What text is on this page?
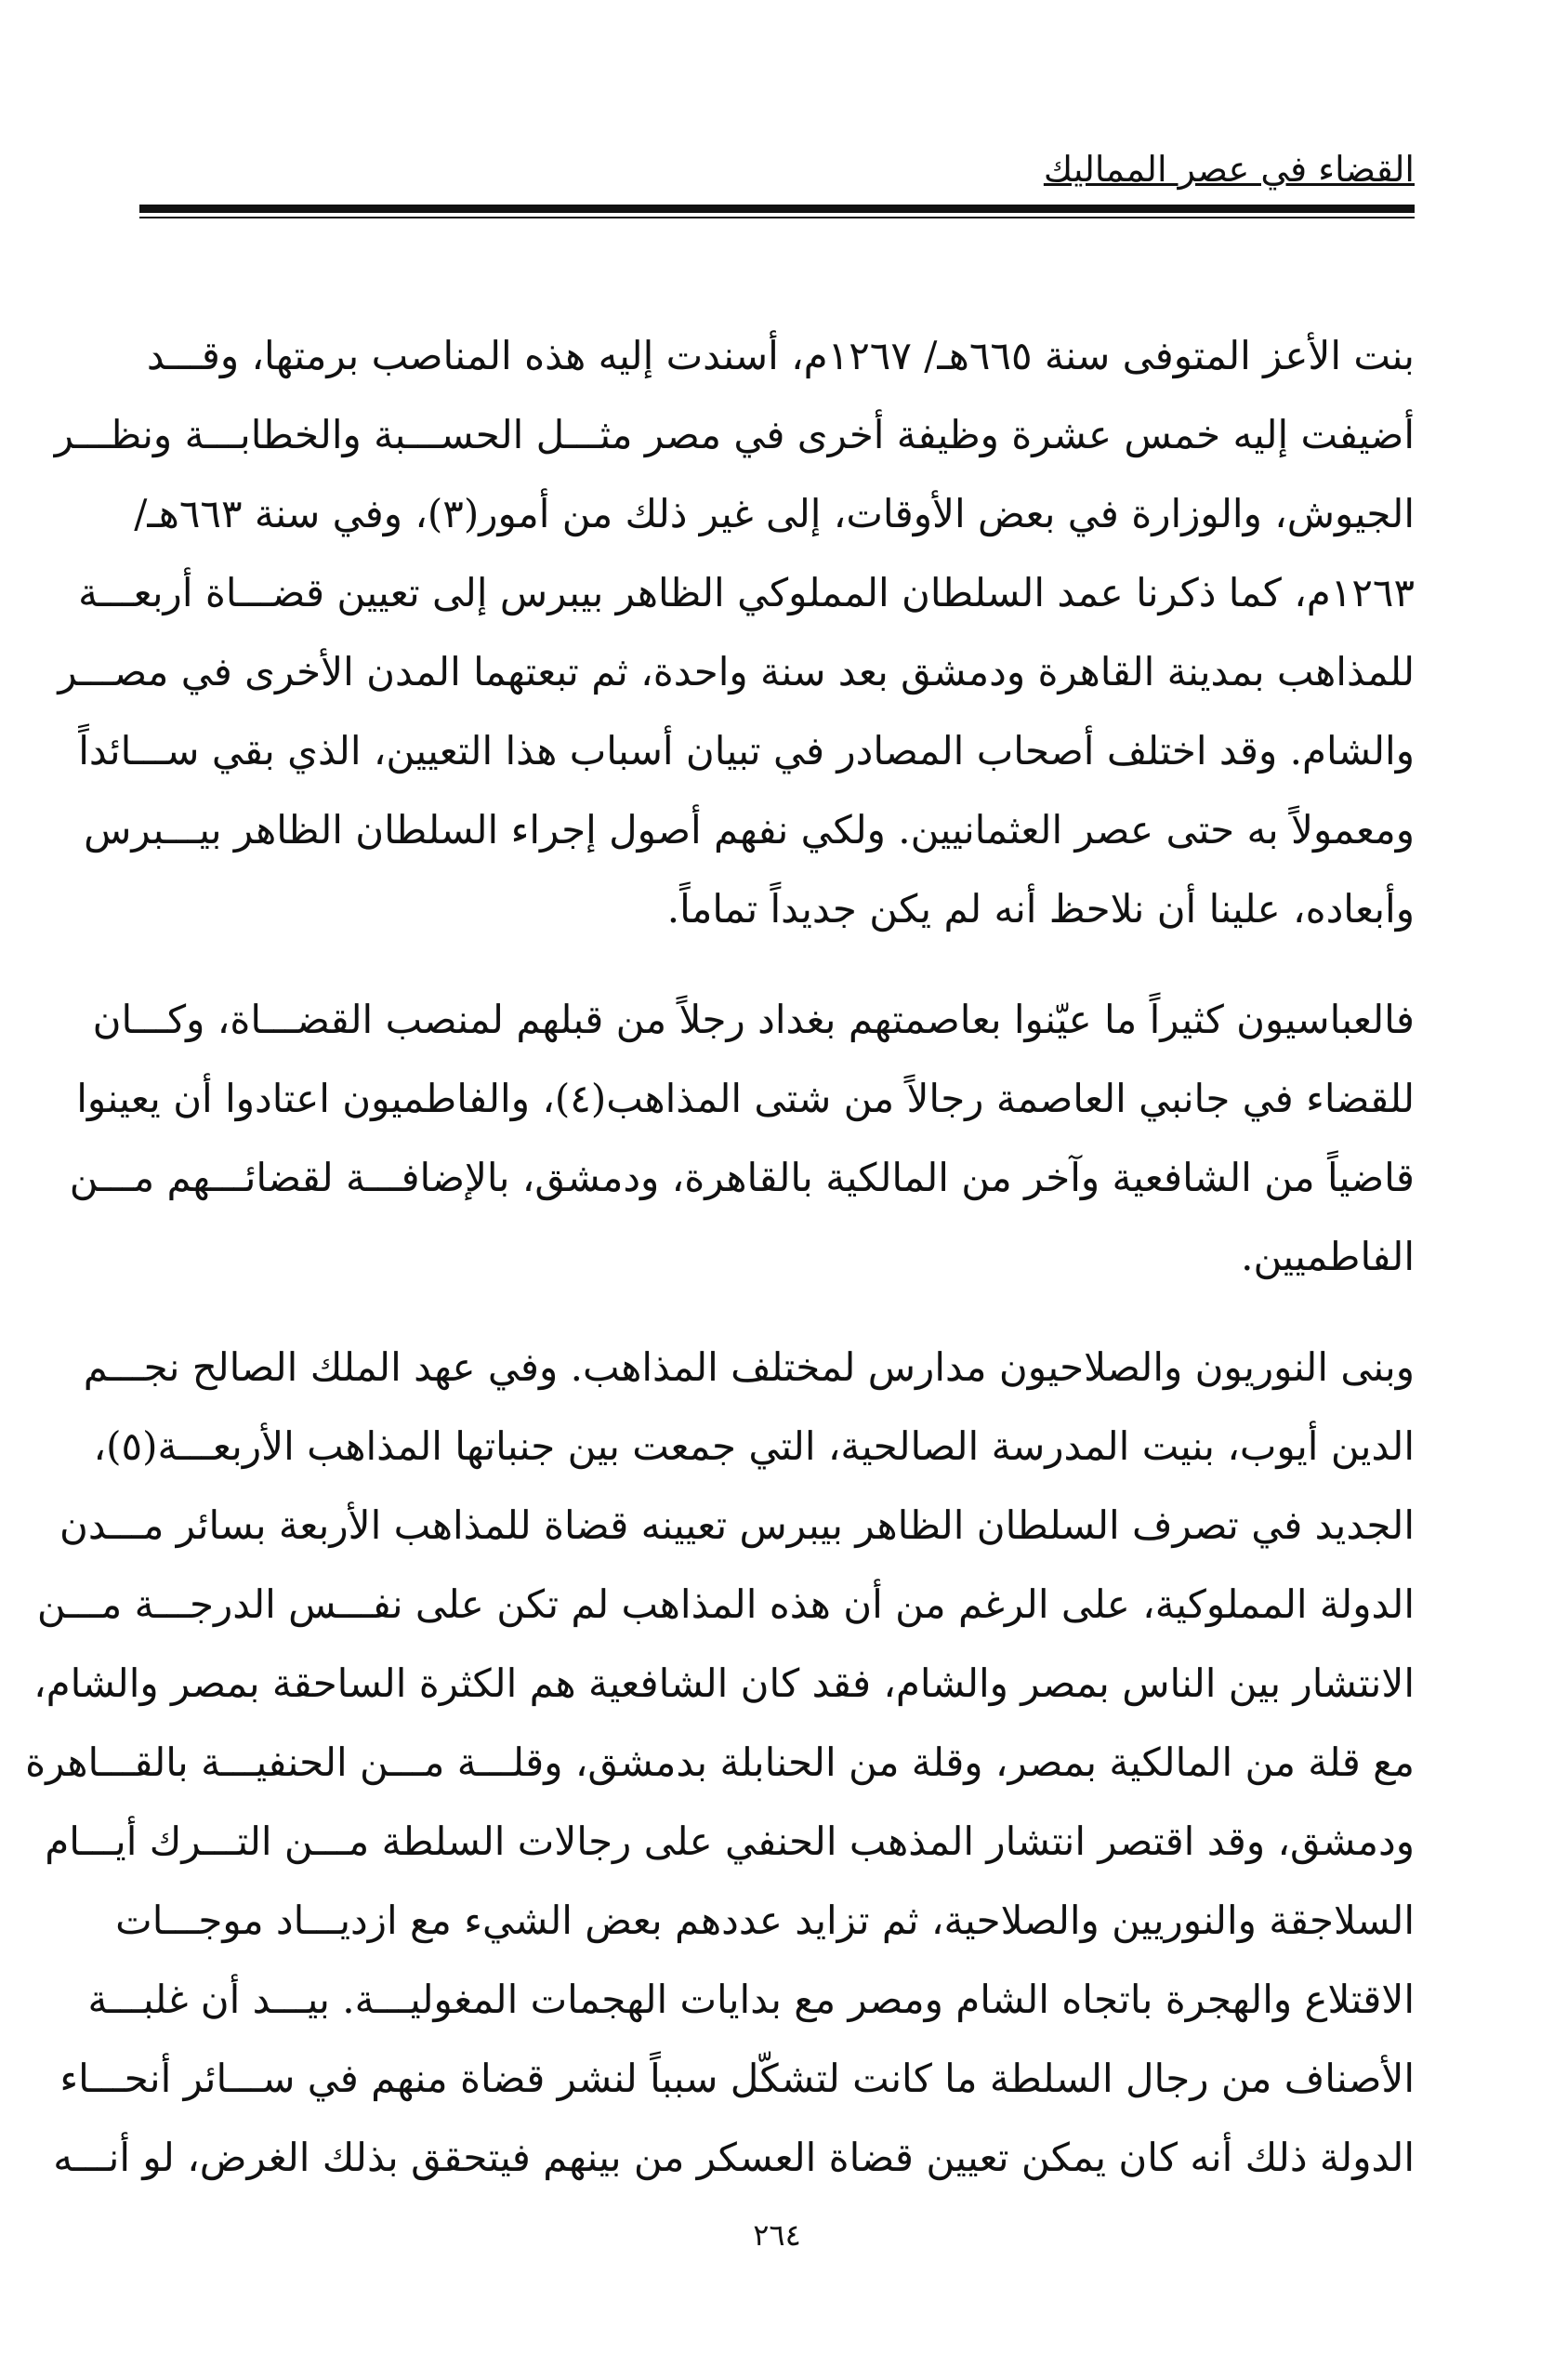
القضاء في عصر المماليك
بنت الأعز المتوفى سنة ٦٦٥هـ/ ١٢٦٧م، أسندت إليه هذه المناصب برمتها، وقـــد
أضيفت إليه خمس عشرة وظيفة أخرى في مصر مثـــل الحســـبة والخطابـــة ونظـــر
الجيوش، والوزارة في بعض الأوقات، إلى غير ذلك من أمور(٣)، وفي سنة ٦٦٣هـ/
١٢٦٣م، كما ذكرنا عمد السلطان المملوكي الظاهر بيبرس إلى تعيين قضـــاة أربعـــة
للمذاهب بمدينة القاهرة ودمشق بعد سنة واحدة، ثم تبعتهما المدن الأخرى في مصـــر
والشام. وقد اختلف أصحاب المصادر في تبيان أسباب هذا التعيين، الذي بقي ســـائداً
ومعمولاً به حتى عصر العثمانيين. ولكي نفهم أصول إجراء السلطان الظاهر بيـــبرس
وأبعاده، علينا أن نلاحظ أنه لم يكن جديداً تماماً.
فالعباسيون كثيراً ما عيّنوا بعاصمتهم بغداد رجلاً من قبلهم لمنصب القضـــاة، وكـــان
للقضاء في جانبي العاصمة رجالاً من شتى المذاهب(٤)، والفاطميون اعتادوا أن يعينوا
قاضياً من الشافعية وآخر من المالكية بالقاهرة، ودمشق، بالإضافـــة لقضائـــهم مـــن
الفاطميين.
وبنى النوريون والصلاحيون مدارس لمختلف المذاهب. وفي عهد الملك الصالح نجـــم
الدين أيوب، بنيت المدرسة الصالحية، التي جمعت بين جنباتها المذاهب الأربعـــة(٥)،
الجديد في تصرف السلطان الظاهر بيبرس تعيينه قضاة للمذاهب الأربعة بسائر مـــدن
الدولة المملوكية، على الرغم من أن هذه المذاهب لم تكن على نفـــس الدرجـــة مـــن
الانتشار بين الناس بمصر والشام، فقد كان الشافعية هم الكثرة الساحقة بمصر والشام،
مع قلة من المالكية بمصر، وقلة من الحنابلة بدمشق، وقلـــة مـــن الحنفيـــة بالقـــاهرة
ودمشق، وقد اقتصر انتشار المذهب الحنفي على رجالات السلطة مـــن التـــرك أيـــام
السلاجقة والنوريين والصلاحية، ثم تزايد عددهم بعض الشيء مع ازديـــاد موجـــات
الاقتلاع والهجرة باتجاه الشام ومصر مع بدايات الهجمات المغوليـــة. بيـــد أن غلبـــة
الأصناف من رجال السلطة ما كانت لتشكّل سبباً لنشر قضاة منهم في ســـائر أنحـــاء
الدولة ذلك أنه كان يمكن تعيين قضاة العسكر من بينهم فيتحقق بذلك الغرض، لو أنـــه
٢٦٤
